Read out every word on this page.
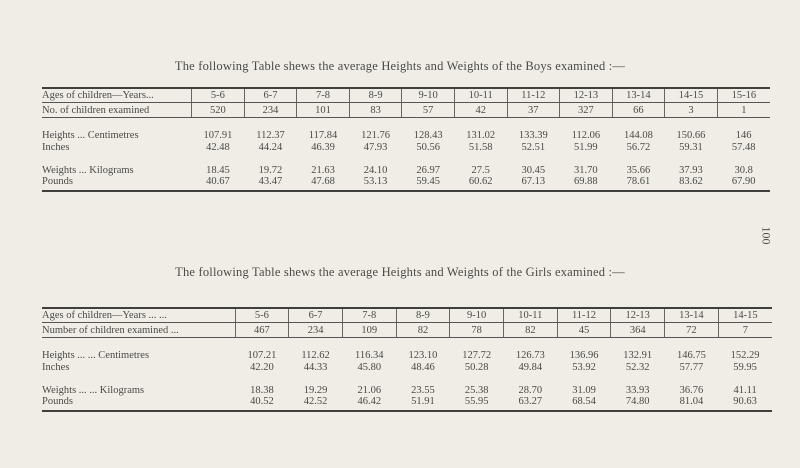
The following Table shews the average Heights and Weights of the Boys examined :—
Ages of children—Years...	5-6	6-7	7-8	8-9	9-10	10-11	11-12	12-13	13-14	14-15	15-16
No. of children examined	520	234	101	83	57	42	37	327	66	3	1

Heights ... Centimetres	107.91	112.37	117.84	121.76	128.43	131.02	133.39	112.06	144.08	150.66	146
Inches	42.48	44.24	46.39	47.93	50.56	51.58	52.51	51.99	56.72	59.31	57.48

Weights ... Kilograms	18.45	19.72	21.63	24.10	26.97	27.5	30.45	31.70	35.66	37.93	30.8
Pounds	40.67	43.47	47.68	53.13	59.45	60.62	67.13	69.88	78.61	83.62	67.90
The following Table shews the average Heights and Weights of the Girls examined :—
Ages of children—Years ... ...	5-6	6-7	7-8	8-9	9-10	10-11	11-12	12-13	13-14	14-15
Number of children examined ...	467	234	109	82	78	82	45	364	72	7

Heights ... ... Centimetres	107.21	112.62	116.34	123.10	127.72	126.73	136.96	132.91	146.75	152.29
Inches	42.20	44.33	45.80	48.46	50.28	49.84	53.92	52.32	57.77	59.95

Weights ... ... Kilograms	18.38	19.29	21.06	23.55	25.38	28.70	31.09	33.93	36.76	41.11
Pounds	40.52	42.52	46.42	51.91	55.95	63.27	68.54	74.80	81.04	90.63
100
